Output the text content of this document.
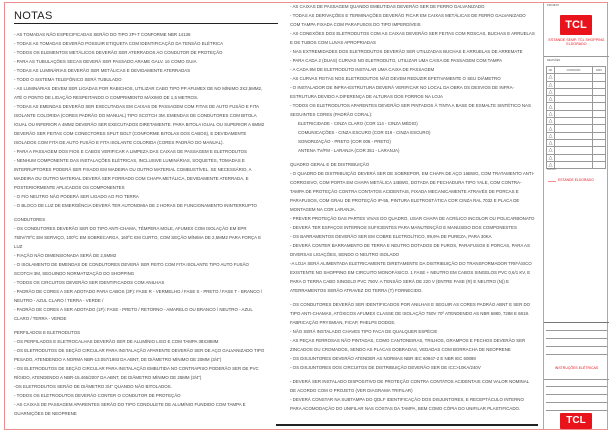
NOTAS

- AS TOMADAS NÃO ESPECIFICADAS SERÃO DO TIPO 2P+T CONFORME NBR 14136

- TODAS AS TOMADAS DEVERÃO POSSUIR ETIQUETA COM IDENTIFICAÇÃO DA TENSÃO ELÉTRICA

- TODOS OS ELEMENTOS METÁLICOS DEVERÃO SER ATERRADOS AO CONDUTOR DE PROTEÇÃO

- PARA AS TUBULAÇÕES SECAS DEVERÁ SER PASSADO ARAME GALV. 16 COMO GUIA

- TODAS AS LUMINÁRIAS DEVERÃO SER METÁLICAS E DEVIDAMENTE ATERRADAS

- TODO O SISTEMA TELEFÔNICO SERÁ TUBULADO

- AS LUMINÁRIAS DEVEM SER LIGADAS POR RABICHOS, UTILIZAR CABO TIPO PP AFUMEX DE NO MÍNIMO 3X2,5MM2, ATÉ O PONTO DE LIGAÇÃO RESPEITANDO O COMPRIMENTO MÁXIMO DE 1,5 METROS.

- TODAS AS EMENDAS DEVERÃO SER EXECUTADAS EM CAIXAS DE PASSAGEM COM FITAS DE AUTO FUSÃO E FITA ISOLANTE COLORIDA (CORES PADRÃO DO MANUAL) TIPO SCOTCH 3M. EMENDAS DE CONDUTORES COM BITOLA IGUAL OU INFERIOR A 4MM2 DEVERÃO SER EXECUTADOS DIRETAMENTE. PARA BITOLA IGUAL OU SUPERIOR A 6MM2 DEVERÃO SER FEITAS COM CONECTORES SPLIT BOLT (CONFORME BITOLAS DOS CABOS), E DEVIDAMENTE ISOLADOS COM FITA DE AUTO FUSÃO E FITA ISOLANTE COLORIDA (CORES PADRÃO DO MANUAL).

- PARA A PASSAGEM DOS FIOS E CABOS VERIFICAR A LIMPEZA DAS CAIXAS DE PASSAGEM E ELETRODUTOS

- NENHUM COMPONENTE DAS INSTALAÇÕES ELÉTRICAS, INCLUSIVE LUMINÁRIAS, SOQUETES, TOMADAS E INTERRUPTORES PODERÁ SER FIXADO EM MADEIRA OU OUTRO MATERIAL COMBUSTÍVEL. SE NECESSÁRIO, A MADEIRA OU OUTRO MATERIAL DEVERÁ SER FORRADO COM CHAPA METÁLICA, DEVIDAMENTE ATERRADA, E POSTERIORMENTE APLICADOS OS COMPONENTES

- O FIO NEUTRO NÃO PODERÁ SER LIGADO AO FIO TERRA

- O BLOCO DE LUZ DE EMERGÊNCIA DEVERÁ TER AUTONOMIA DE 2 HORAS DE FUNCIONAMENTO ININTERRUPTO

CONDUTORES

- OS CONDUTORES DEVERÃO SER DO TIPO ANTI-CHAMA, TÊMPERA MOLE, AFUMEX COM ISOLAÇÃO EM EPR 750V/70ºC EM SERVIÇO, 100ºC EM SOBRECARGA, 160ºC EM CURTO, COM SEÇÃO MÍNIMA DE 2,5MM2 PARA FORÇA E LUZ

- FIAÇÃO NÃO DIMENSIONADA SERÁ DE 2,5MM2

- O ISOLAMENTO DE EMENDAS DE CONDUTORES DEVERÁ SER FEITO COM FITA ISOLANTE TIPO AUTO FUSÃO SCOTCH 3M, SEGUINDO NORMATIZAÇÃO DO SHOPPING

- TODOS OS CIRCUITOS DEVERÃO SER IDENTIFICADOS COM ANILHAS

- PADRÃO DE CORES A SER ADOTADO PARA CABOS (3F): FASE R - VERMELHO / FASE S - PRETO / FASE T - BRANCO / NEUTRO - AZUL CLARO / TERRA - VERDE /

- PADRÃO DE CORES A SER ADOTADO (1F): FASE - PRETO / RETORNO - AMARELO OU BRANCO / NEUTRO - AZUL CLARO / TERRA - VERDE

PERFILADOS E ELETRODUTOS

- OS PERFILADOS E ELETROCALHAS DEVERÃO SER DE ALUMÍNIO LISO E COM TAMPA 38X38MM

- OS ELETRODUTOS DE SEÇÃO CIRCULAR PARA INSTALAÇÃO APARENTE DEVERÃO SER DE AÇO GALVANIZADO TIPO PESADO, ATENDENDO A NORMA NBR-13.057/1993 DA ABNT, DE DIÂMETRO MÍNIMO DE 20MM (3/4")

- OS ELETRODUTOS DE SEÇÃO CIRCULAR PARA INSTALAÇÃO EMBUTIDA NO CONTRAPISO PODERÃO SER DE PVC RÍGIDO, ATENDENDO A NBR-15.465/2007 DA ABNT, DE DIÂMETRO MÍNIMO DE 25MM (3/4")

-OS ELETRODUTOS SERÃO DE DIÂMETRO 3/4" QUANDO NÃO BITOLADOS.

- TODOS OS ELETRODUTOS DEVERÃO CONTER O CONDUTOR DE PROTEÇÃO

- AS CAIXAS DE PASSAGEM APARENTES SERÃO DO TIPO CONDULETE DE ALUMÍNIO FUNDIDO COM TAMPA E GUARNIÇÕES DE NEOPRENE

- AS CAIXAS DE PASSAGEM QUANDO EMBUTIDAS DEVERÃO SER DE FERRO GALVANIZADO

- TODAS AS DERIVAÇÕES E TERMINAÇÕES DEVERÃO FICAR EM CAIXAS METÁLICAS DE FERRO GALVANIZADO COM TAMPA FIXADA COM PARAFUSOS DO TIPO IMPERDÍVEIS

- AS CONEXÕES DOS ELETRODUTOS COM AS CAIXAS DEVERÃO SER FEITAS COM ROSCAS, BUCHAS E ARRUELAS E DE TUBOS COM LUVAS APROPRIADAS

- NAS EXTREMIDADES DOS ELETRODUTOS DEVERÃO SER UTILIZADAS BUCHAS E ARRUELAS DE ARREMATE

- PARA CADA 2 (DUAS) CURVAS NO ELETRODUTO, UTILIZAR UMA CAIXA DE PASSAGEM COM TAMPA

- A CADA 9M DE ELETRODUTO INSTALAR UMA CAIXA DE PASSAGEM

- AS CURVAS FEITAS NOS ELETRODUTOS NÃO DEVEM REDUZIR EFETIVAMENTE O SEU DIÂMETRO

- O INSTALADOR DE INFRA-ESTRUTURA DEVERÁ VERIFICAR NO LOCAL DA OBRA OS DESVIOS DE INFRA-ESTRUTURA DEVIDO A DIFERENÇA DE ALTURAS DOS FORROS NA LOJA

- TODOS OS ELETRODUTOS APARENTES DEVERÃO SER PINTADOS À TINTA A BASE DE ESMALTE SINTÉTICO NAS SEGUINTES CORES (PADRÃO CORAL):

ELETRICIDADE - CINZA CLARO (COR 114 - CINZA MÉDIO)

COMUNICAÇÕES - CINZA ESCURO (COR 019 - CINZA ESCURO)

SONORIZAÇÃO - PRETO (COR 008 - PRETO)

ANTENA TV/FM - LARANJA (COR 351 - LARANJA)

QUADRO GERAL E DE DISTRIBUIÇÃO

- O QUADRO DE DISTRIBUIÇÃO DEVERÁ SER DE SOBREPOR, EM CHAPA DE AÇO 16BWG, COM TRATAMENTO ANTI-CORROSIVO, COM PORTA EM CHAPA METÁLICA 14BWG, DOTADA DE FECHADURA TIPO YALE, COM CONTRA-TAMPA DE PROTEÇÃO CONTRA CONTATOS ACIDENTAIS, FIXADA MECANICAMENTE ATRAVÉS DE PORCAS E PARAFUSOS, COM GRAU DE PROTEÇÃO IP-55, PINTURA ELETROSTÁTICA COR CINZA RAL 7032 E PLACA DE MONTAGEM NA COR LARANJA.

- PREVER PROTEÇÃO DAS PARTES VIVAS DO QUADRO, USAR CHAPA DE ACRÍLICO INCOLOR OU POLICARBONATO

- DEVERÁ TER ESPAÇOS INTERNOS SUFICIENTES PARA MANUTENÇÃO E MANUSEIO DOS COMPONESTES

- OS BARRAMENTOS DEVERÃO SER EM COBRE ELETROLÍTICO, 99,9% DE PUREZA, PARA 30KA

- DEVERÁ CONTER BARRAMENTO DE TERRA E NEUTRO DOTADOS DE FUROS, PARAFUSOS E PORCAS, PARA AS DIVERSAS LIGAÇÕES, SENDO O NEUTRO ISOLADO

-A LOJA SERÁ ALIMENTADA ELETRICAMENTE DIRETAMENTE DA DISTRIBUIÇÃO DO TRANSFORMADOR TRIFÁSICO EXISTENTE NO SHOPPING EM CIRCUITO MONOFÁSICO. 1 FASE + NEUTRO EM CABOS SINGELOS PVC 0,6/1 KV, E PARA O TERRA CABO SINGELO PVC 750V. A TENSÃO SERÁ DE 220 V (ENTRE FASE (R) E NEUTRO (N)) E ATERRAMENTOS SERÃO ATRAVEZ DO TERRA (T) FORNECIDO.

- OS CONDUTORES DEVERÃO SER IDENTIFICADOS POR ANILHAS E SEGUIR AS CORES PADRÃO ABNT E SER DO TIPO ANTI-CHAMAS, ATÓXICOS AFUMEX CLASSE DE ISOLAÇÃO 750V 70º ATENDENDO AS NBR 6880, 7288 E 6818. FABRICAÇÃO PRYSMIAN, FICAP, PHELPS DODGE.

- NÃO SERÁ INSTALADO CHAVES TIPO FACA DE QUALQUER ESPÉCIE

- AS PEÇAS FERROSAS NÃO PINTADAS, COMO CANTONEIRAS, TRILHOS, GRAMPOS E FECHOS DEVERÃO SER ZINCADOS OU CROMADOS, SENDO AS PLACAS DOBRADAS, VEDADAS COM BORRACHA DE NEOPRENE

- OS DISJUNTORES DEVERÃO ATENDER AS NORMAS NBR IEC 60947-2 E NBR IEC 60898

- OS DISJUNTORES DOS CIRCUITOS DE DISTRIBUIÇÃO DEVERÃO SER DE ICC>10KA/240V

- DEVERÁ SER INSTALADO DISPOSITIVO DE PROTEÇÃO CONTRA CONTATOS ACIDENTAIS COM VALOR NOMINAL DE ACORDO COM O PROJETO (VER DIAGRAMA TRIFILAR)

- DEVERÁ CONSTAR NA SUBTAMPA DO QDLF IDENTIFICAÇÃO DOS DISJUNTORES, E RECEPTÁCULO INTERNO PARA ACOMODAÇÃO DO UNIFILAR NAS COSTAS DA TAMPA, BEM COMO CÓPIA DO UNIFILAR PLASTIFICADO.

PROJETO
TCL
ESTANDE SEMP. TCL SHOPPING ELDORADO
REVISÕES
NO	CONTEÚDO	DATA
△		
△		
△		
△		
△		
△		
△		
△		
△		
△		
△		
△		
△		
NOTAS
ESTANDE ELDORADO
INSTRUÇÕES ELÉTRICAS
TCL
